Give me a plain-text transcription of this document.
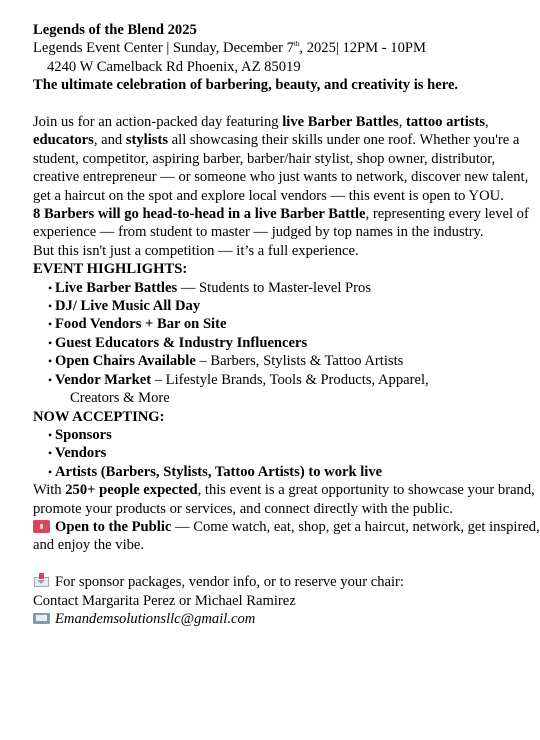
Legends of the Blend 2025
Legends Event Center | Sunday, December 7th, 2025| 12PM - 10PM
4240 W Camelback Rd Phoenix, AZ 85019
The ultimate celebration of barbering, beauty, and creativity is here.
Join us for an action-packed day featuring live Barber Battles, tattoo artists, educators, and stylists all showcasing their skills under one roof. Whether you're a student, competitor, aspiring barber, barber/hair stylist, shop owner, distributor, creative entrepreneur — or someone who just wants to network, discover new talent, get a haircut on the spot and explore local vendors — this event is open to YOU.
8 Barbers will go head-to-head in a live Barber Battle, representing every level of experience — from student to master — judged by top names in the industry.
But this isn't just a competition — it’s a full experience.
EVENT HIGHLIGHTS:
• Live Barber Battles — Students to Master-level Pros
• DJ/ Live Music All Day
• Food Vendors + Bar on Site
• Guest Educators & Industry Influencers
• Open Chairs Available – Barbers, Stylists & Tattoo Artists
• Vendor Market – Lifestyle Brands, Tools & Products, Apparel,
Creators & More
NOW ACCEPTING:
• Sponsors
• Vendors
• Artists (Barbers, Stylists, Tattoo Artists) to work live
With 250+ people expected, this event is a great opportunity to showcase your brand, promote your products or services, and connect directly with the public.
Open to the Public — Come watch, eat, shop, get a haircut, network, get inspired, and enjoy the vibe.
For sponsor packages, vendor info, or to reserve your chair:
Contact Margarita Perez or Michael Ramirez
Emandemsolutionsllc@gmail.com
